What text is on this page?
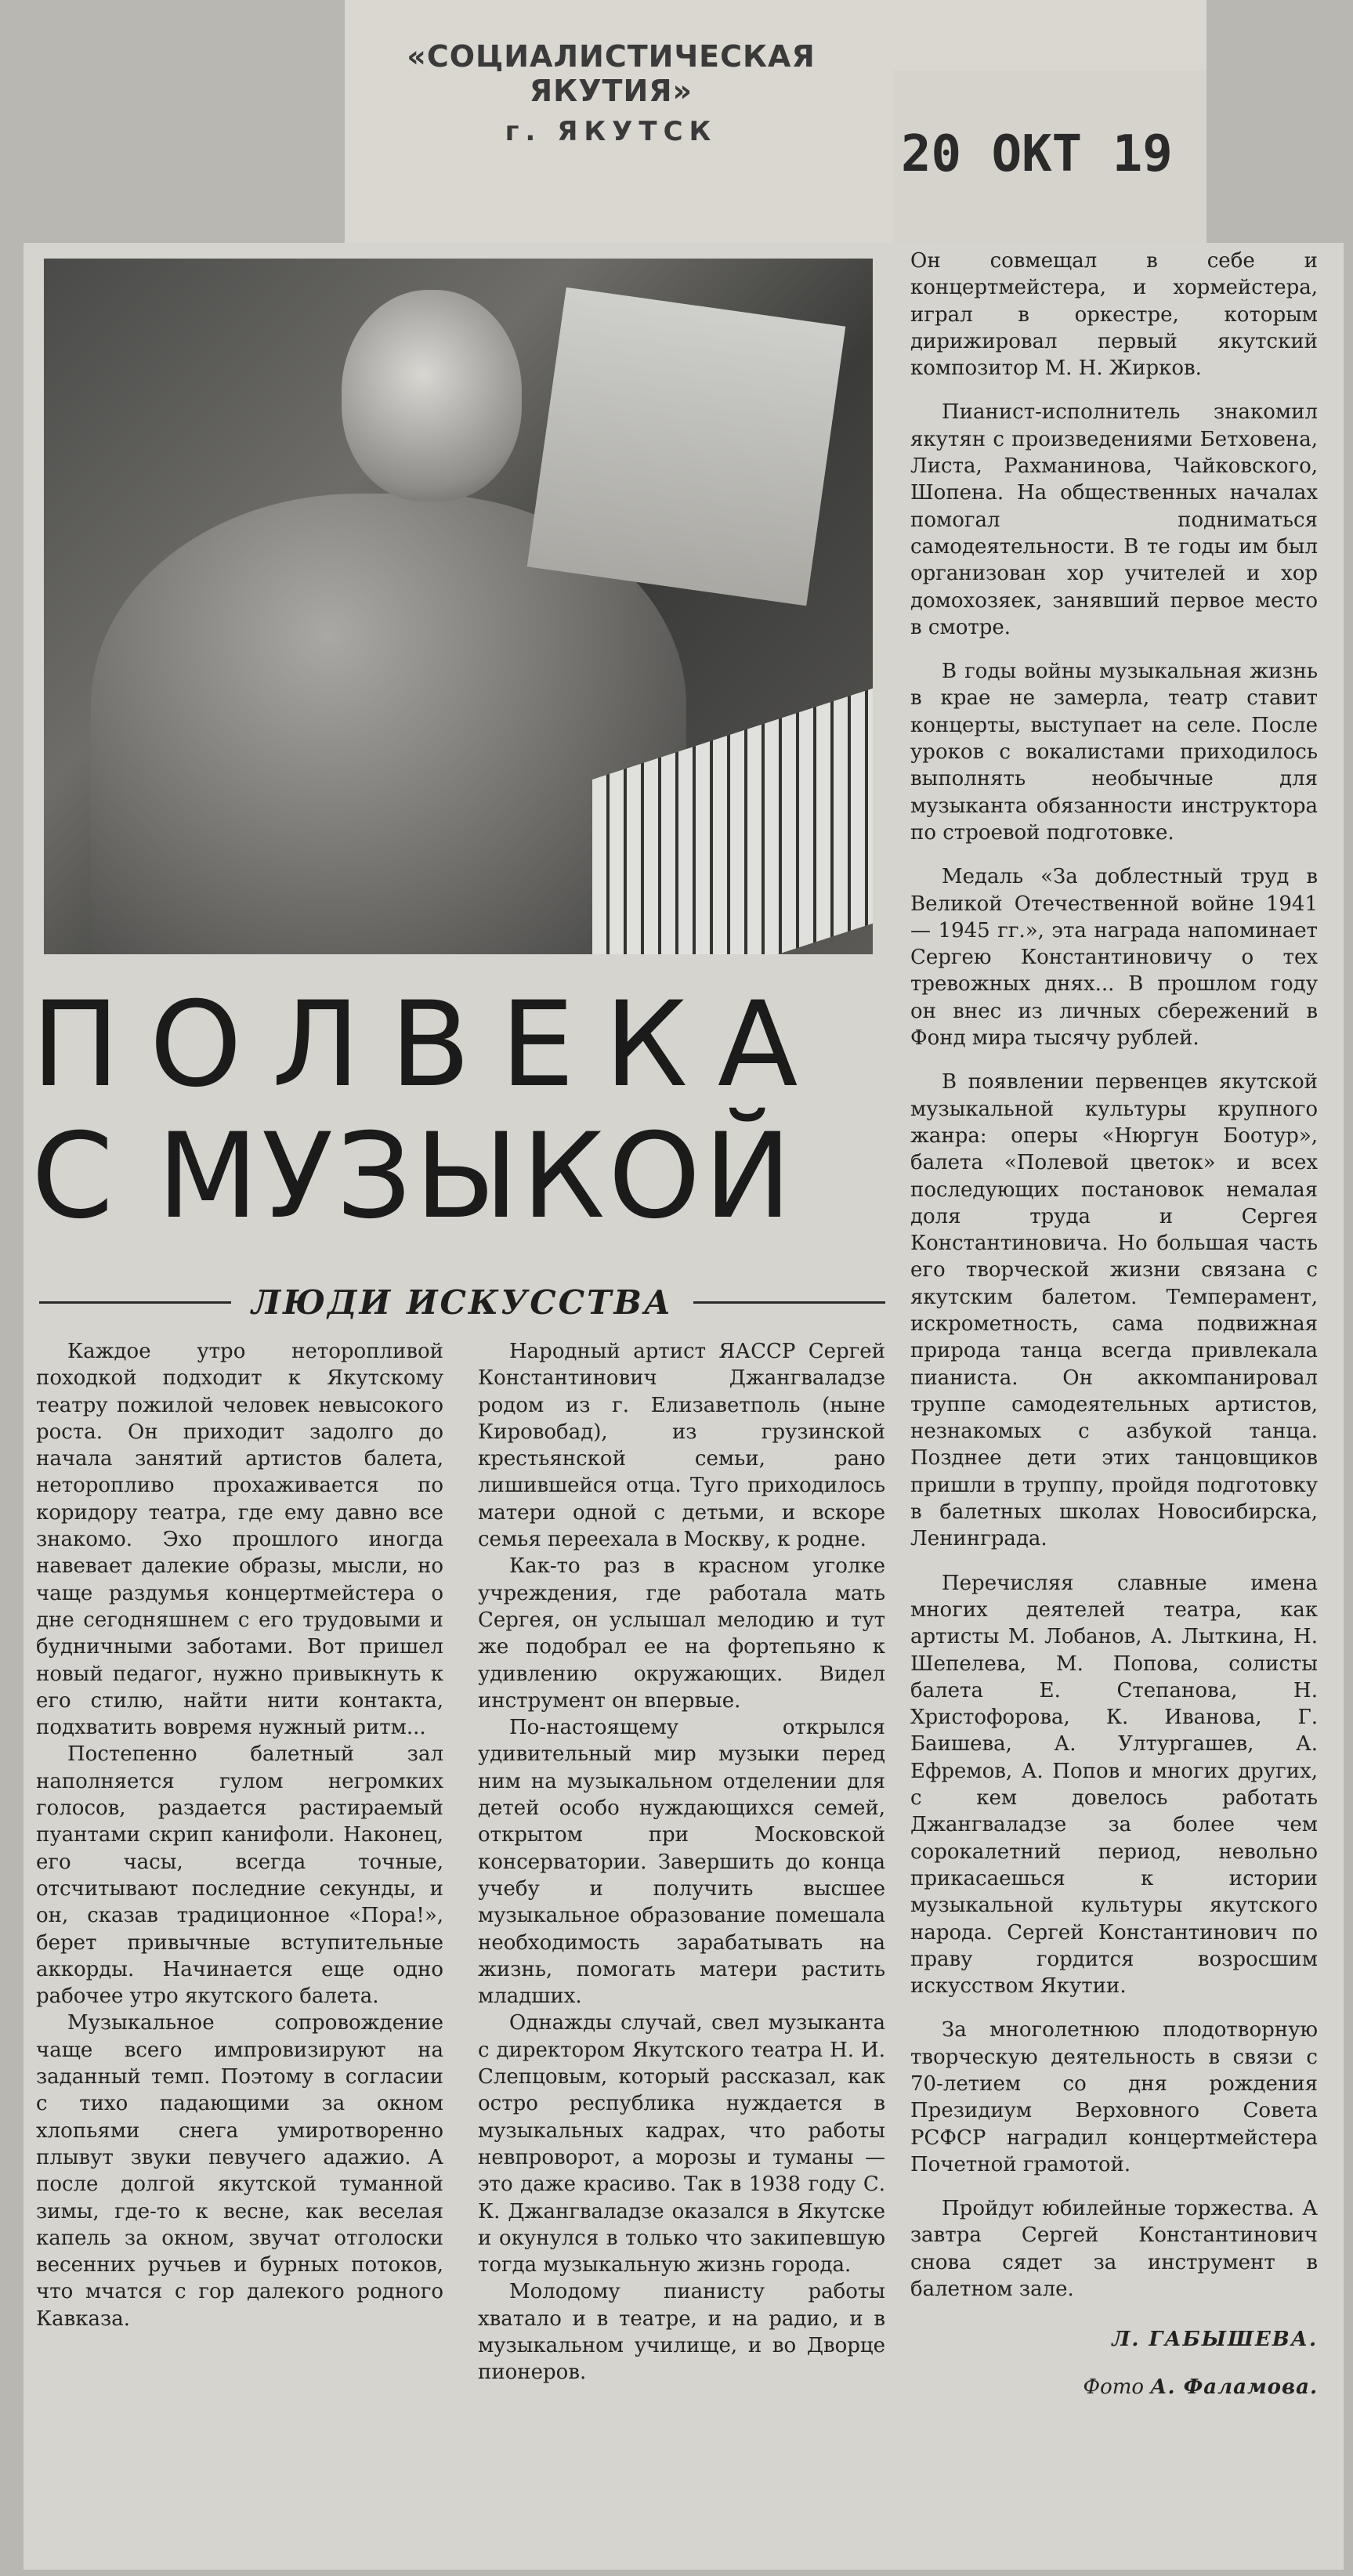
«СОЦИАЛИСТИЧЕСКАЯ ЯКУТИЯ»
г. ЯКУТСК	20 ОКТ 19
ПОЛВЕКА
С МУЗЫКОЙ
ЛЮДИ ИСКУССТВА

Каждое утро неторопливой походкой подходит к Якутскому театру пожилой человек невысокого роста. Он приходит задолго до начала занятий артистов балета, неторопливо прохаживается по коридору театра, где ему давно все знакомо. Эхо прошлого иногда навевает далекие образы, мысли, но чаще раздумья концертмейстера о дне сегодняшнем с его трудовыми и будничными заботами. Вот пришел новый педагог, нужно привыкнуть к его стилю, найти нити контакта, подхватить вовремя нужный ритм...

Постепенно балетный зал наполняется гулом негромких голосов, раздается растираемый пуантами скрип канифоли. Наконец, его часы, всегда точные, отсчитывают последние секунды, и он, сказав традиционное «Пора!», берет привычные вступительные аккорды. Начинается еще одно рабочее утро якутского балета.

Музыкальное сопровождение чаще всего импровизируют на заданный темп. Поэтому в согласии с тихо падающими за окном хлопьями снега умиротворенно плывут звуки певучего адажио. А после долгой якутской туманной зимы, где-то к весне, как веселая капель за окном, звучат отголоски весенних ручьев и бурных потоков, что мчатся с гор далекого родного Кавказа.

Народный артист ЯАССР Сергей Константинович Джангваладзе родом из г. Елизаветполь (ныне Кировобад), из грузинской крестьянской семьи, рано лишившейся отца. Туго приходилось матери одной с детьми, и вскоре семья переехала в Москву, к родне.

Как-то раз в красном уголке учреждения, где работала мать Сергея, он услышал мелодию и тут же подобрал ее на фортепьяно к удивлению окружающих. Видел инструмент он впервые.

По-настоящему открылся удивительный мир музыки перед ним на музыкальном отделении для детей особо нуждающихся семей, открытом при Московской консерватории. Завершить до конца учебу и получить высшее музыкальное образование помешала необходимость зарабатывать на жизнь, помогать матери растить младших.

Однажды случай, свел музыканта с директором Якутского театра Н. И. Слепцовым, который рассказал, как остро республика нуждается в музыкальных кадрах, что работы невпроворот, а морозы и туманы — это даже красиво. Так в 1938 году С. К. Джангваладзе оказался в Якутске и окунулся в только что закипевшую тогда музыкальную жизнь города.

Молодому пианисту работы хватало и в театре, и на радио, и в музыкальном училище, и во Дворце пионеров.

Он совмещал в себе и концертмейстера, и хормейстера, играл в оркестре, которым дирижировал первый якутский композитор М. Н. Жирков.

Пианист-исполнитель знакомил якутян с произведениями Бетховена, Листа, Рахманинова, Чайковского, Шопена. На общественных началах помогал подниматься самодеятельности. В те годы им был организован хор учителей и хор домохозяек, занявший первое место в смотре.

В годы войны музыкальная жизнь в крае не замерла, театр ставит концерты, выступает на селе. После уроков с вокалистами приходилось выполнять необычные для музыканта обязанности инструктора по строевой подготовке.

Медаль «За доблестный труд в Великой Отечественной войне 1941 — 1945 гг.», эта награда напоминает Сергею Константиновичу о тех тревожных днях... В прошлом году он внес из личных сбережений в Фонд мира тысячу рублей.

В появлении первенцев якутской музыкальной культуры крупного жанра: оперы «Нюргун Боотур», балета «Полевой цветок» и всех последующих постановок немалая доля труда и Сергея Константиновича. Но большая часть его творческой жизни связана с якутским балетом. Темперамент, искрометность, сама подвижная природа танца всегда привлекала пианиста. Он аккомпанировал труппе самодеятельных артистов, незнакомых с азбукой танца. Позднее дети этих танцовщиков пришли в труппу, пройдя подготовку в балетных школах Новосибирска, Ленинграда.

Перечисляя славные имена многих деятелей театра, как артисты М. Лобанов, А. Лыткина, Н. Шепелева, М. Попова, солисты балета Е. Степанова, Н. Христофорова, К. Иванова, Г. Баишева, А. Ултургашев, А. Ефремов, А. Попов и многих других, с кем довелось работать Джангваладзе за более чем сорокалетний период, невольно прикасаешься к истории музыкальной культуры якутского народа. Сергей Константинович по праву гордится возросшим искусством Якутии.

За многолетнюю плодотворную творческую деятельность в связи с 70-летием со дня рождения Президиум Верховного Совета РСФСР наградил концертмейстера Почетной грамотой.

Пройдут юбилейные торжества. А завтра Сергей Константинович снова сядет за инструмент в балетном зале.

Л. ГАБЫШЕВА.

Фото А. Фаламова.
